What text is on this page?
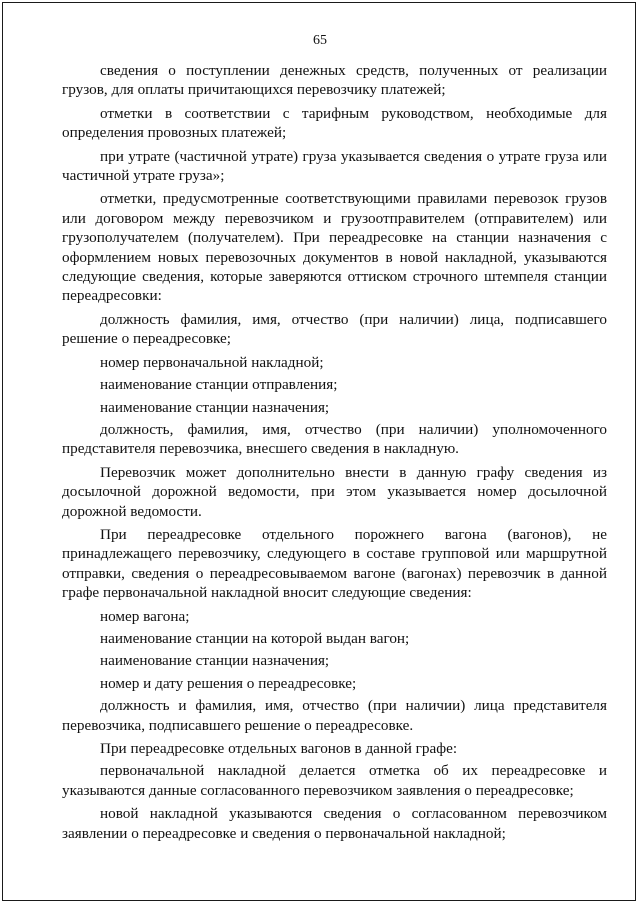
65

сведения о поступлении денежных средств, полученных от реализации грузов, для оплаты причитающихся перевозчику платежей;

отметки в соответствии с тарифным руководством, необходимые для определения провозных платежей;

при утрате (частичной утрате) груза указывается сведения о утрате груза или частичной утрате груза»;

отметки, предусмотренные соответствующими правилами перевозок грузов или договором между перевозчиком и грузоотправителем (отправителем) или грузополучателем (получателем). При переадресовке на станции назначения с оформлением новых перевозочных документов в новой накладной, указываются следующие сведения, которые заверяются оттиском строчного штемпеля станции переадресовки:

должность фамилия, имя, отчество (при наличии) лица, подписавшего решение о переадресовке;

номер первоначальной накладной;

наименование станции отправления;

наименование станции назначения;

должность, фамилия, имя, отчество (при наличии) уполномоченного представителя перевозчика, внесшего сведения в накладную.

Перевозчик может дополнительно внести в данную графу сведения из досылочной дорожной ведомости, при этом указывается номер досылочной дорожной ведомости.

При переадресовке отдельного порожнего вагона (вагонов), не принадлежащего перевозчику, следующего в составе групповой или маршрутной отправки, сведения о переадресовываемом вагоне (вагонах) перевозчик в данной графе первоначальной накладной вносит следующие сведения:

номер вагона;

наименование станции на которой выдан вагон;

наименование станции назначения;

номер и дату решения о переадресовке;

должность и фамилия, имя, отчество (при наличии) лица представителя перевозчика, подписавшего решение о переадресовке.

При переадресовке отдельных вагонов в данной графе:

первоначальной накладной делается отметка об их переадресовке и указываются данные согласованного перевозчиком заявления о переадресовке;

новой накладной указываются сведения о согласованном перевозчиком заявлении о переадресовке и сведения о первоначальной накладной;
